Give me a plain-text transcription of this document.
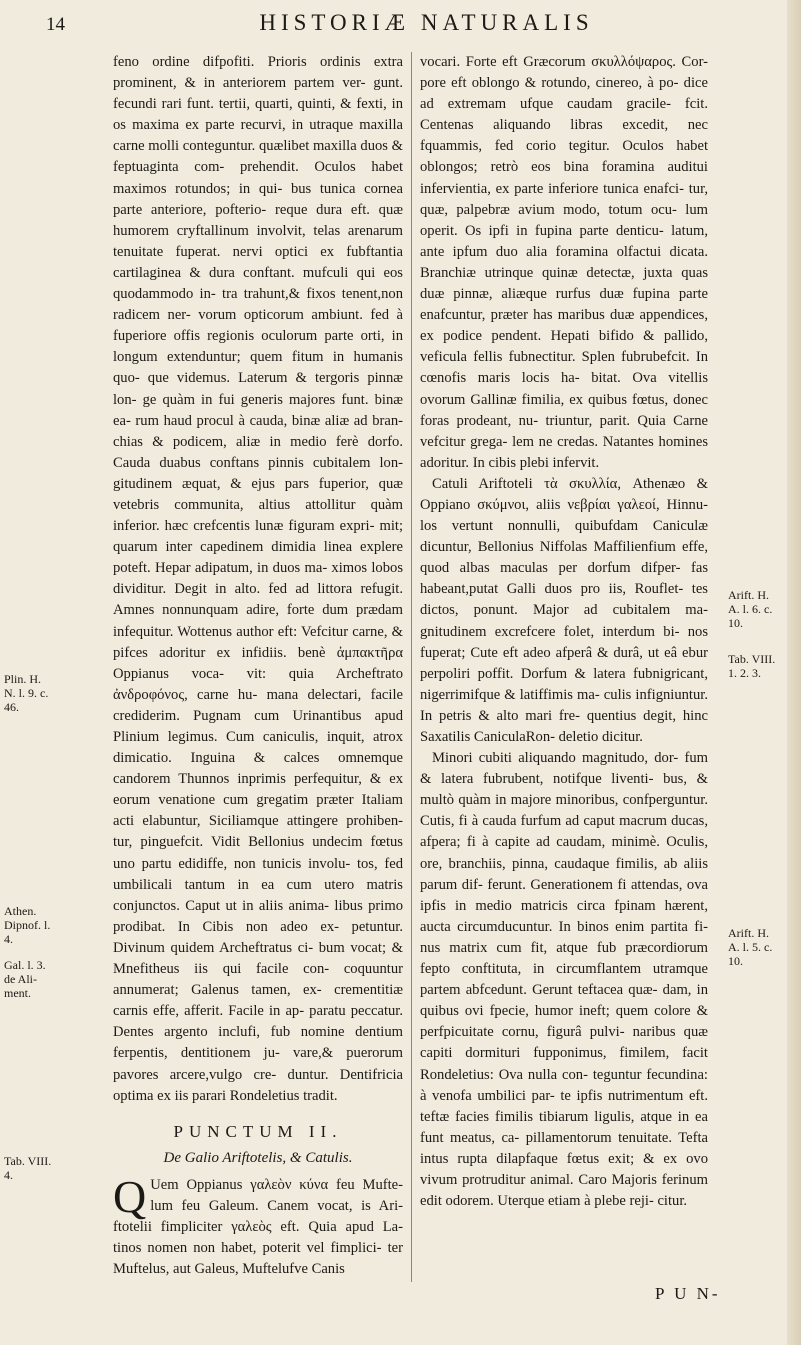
14	HISTORIÆ NATURALIS

feno ordine difpofiti. Prioris ordinis extra prominent, & in anteriorem partem ver- gunt. fecundi rari funt. tertii, quarti, quinti, & fexti, in os maxima ex parte recurvi, in utraque maxilla carne molli conteguntur. quælibet maxilla duos & feptuaginta com- prehendit. Oculos habet maximos rotundos; in qui- bus tunica cornea parte anteriore, pofterio- reque dura eft. quæ humorem cryftallinum involvit, telas arenarum tenuitate fuperat. nervi optici ex fubftantia cartilaginea & dura conftant. mufculi qui eos quodammodo in- tra trahunt,& fixos tenent,non radicem ner- vorum opticorum ambiunt. fed à fuperiore offis regionis oculorum parte orti, in longum extenduntur; quem fitum in humanis quo- que videmus. Laterum & tergoris pinnæ lon- ge quàm in fui generis majores funt. binæ ea- rum haud procul à cauda, binæ aliæ ad bran- chias & podicem, aliæ in medio ferè dorfo. Cauda duabus conftans pinnis cubitalem lon- gitudinem æquat, & ejus pars fuperior, quæ vetebris communita, altius attollitur quàm inferior. hæc crefcentis lunæ figuram expri- mit; quarum inter capedinem dimidia linea explere poteft. Hepar adipatum, in duos ma- ximos lobos dividitur. Degit in alto. fed ad littora refugit. Amnes nonnunquam adire, forte dum prædam infequitur. Wottenus author eft: Vefcitur carne, & pifces adoritur ex infidiis. benè ἀμπακτῆρα Oppianus voca- vit: quia Archeftrato ἀνδροφόνος, carne hu- mana delectari, facile crediderim. Pugnam cum Urinantibus apud Plinium legimus. Cum caniculis, inquit, atrox dimicatio. Inguina & calces omnemque candorem Thunnos inprimis perfequitur, & ex eorum venatione cum gregatim præter Italiam acti elabuntur, Siciliamque attingere prohiben- tur, pinguefcit. Vidit Bellonius undecim fœtus uno partu edidiffe, non tunicis involu- tos, fed umbilicali tantum in ea cum utero matris conjunctos. Caput ut in aliis anima- libus primo prodibat. In Cibis non adeo ex- petuntur. Divinum quidem Archeftratus ci- bum vocat; & Mnefitheus iis qui facile con- coquuntur annumerat; Galenus tamen, ex- crementitiæ carnis effe, afferit. Facile in ap- paratu peccatur. Dentes argento inclufi, fub nomine dentium ferpentis, dentitionem ju- vare,& puerorum pavores arcere,vulgo cre- duntur. Dentifricia optima ex iis parari Rondeletius tradit.

PUNCTUM II.
De Galio Ariftotelis, & Catulis.

Q Uem Oppianus γαλεὸν κύνα feu Mufte- lum feu Galeum. Canem vocat, is Ari- ftotelii fimpliciter γαλεὸς eft. Quia apud La- tinos nomen non habet, poterit vel fimplici- ter Muftelus, aut Galeus, Muftelufve Canis

vocari. Forte eft Græcorum σκυλλόψαρος. Cor- pore eft oblongo & rotundo, cinereo, à po- dice ad extremam ufque caudam gracile- fcit. Centenas aliquando libras excedit, nec fquammis, fed corio tegitur. Oculos habet oblongos; retrò eos bina foramina auditui infervientia, ex parte inferiore tunica enafci- tur, quæ, palpebræ avium modo, totum ocu- lum operit. Os ipfi in fupina parte denticu- latum, ante ipfum duo alia foramina olfactui dicata. Branchiæ utrinque quinæ detectæ, juxta quas duæ pinnæ, aliæque rurfus duæ fupina parte enafcuntur, præter has maribus duæ appendices, ex podice pendent. Hepati bifido & pallido, veficula fellis fubnectitur. Splen fubrubefcit. In cœnofis maris locis ha- bitat. Ova vitellis ovorum Gallinæ fimilia, ex quibus fœtus, donec foras prodeant, nu- triuntur, parit. Quia Carne vefcitur grega- lem ne credas. Natantes homines adoritur. In cibis plebi infervit.

Catuli Ariftoteli τὰ σκυλλία, Athenæo & Oppiano σκύμνοι, aliis νεβρίαι γαλεοί, Hinnu- los vertunt nonnulli, quibufdam Caniculæ dicuntur, Bellonius Niffolas Maffilienfium effe, quod albas maculas per dorfum difper- fas habeant,putat Galli duos pro iis, Rouflet- tes dictos, ponunt. Major ad cubitalem ma- gnitudinem excrefcere folet, interdum bi- nos fuperat; Cute eft adeo afperâ & durâ, ut eâ ebur perpoliri poffit. Dorfum & latera fubnigricant, nigerrimifque & latiffimis ma- culis infigniuntur. In petris & alto mari fre- quentius degit, hinc Saxatilis CaniculaRon- deletio dicitur.

Minori cubiti aliquando magnitudo, dor- fum & latera fubrubent, notifque liventi- bus, & multò quàm in majore minoribus, confperguntur. Cutis, fi à cauda furfum ad caput macrum ducas, afpera; fi à capite ad caudam, minimè. Oculis, ore, branchiis, pinna, caudaque fimilis, ab aliis parum dif- ferunt. Generationem fi attendas, ova ipfis in medio matricis circa fpinam hærent, aucta circumducuntur. In binos enim partita fi- nus matrix cum fit, atque fub præcordiorum fepto conftituta, in circumflantem utramque partem abfcedunt. Gerunt teftacea quæ- dam, in quibus ovi fpecie, humor ineft; quem colore & perfpicuitate cornu, figurâ pulvi- naribus quæ capiti dormituri fupponimus, fimilem, facit Rondeletius: Ova nulla con- teguntur fecundina: à venofa umbilici par- te ipfis nutrimentum eft. teftæ facies fimilis tibiarum ligulis, atque in ea funt meatus, ca- pillamentorum tenuitate. Tefta intus rupta dilapfaque fœtus exit; & ex ovo vivum protruditur animal. Caro Majoris ferinum edit odorem. Uterque etiam à plebe reji- citur.

Plin. H. N. l. 9. c. 46.
Athen. Dipnof. l. 4.
Gal. l. 3. de Ali- ment.
Tab. VIII. 4.
Arift. H. A. l. 6. c. 10.
Tab. VIII. 1. 2. 3.
Arift. H. A. l. 5. c. 10.
P U N-
